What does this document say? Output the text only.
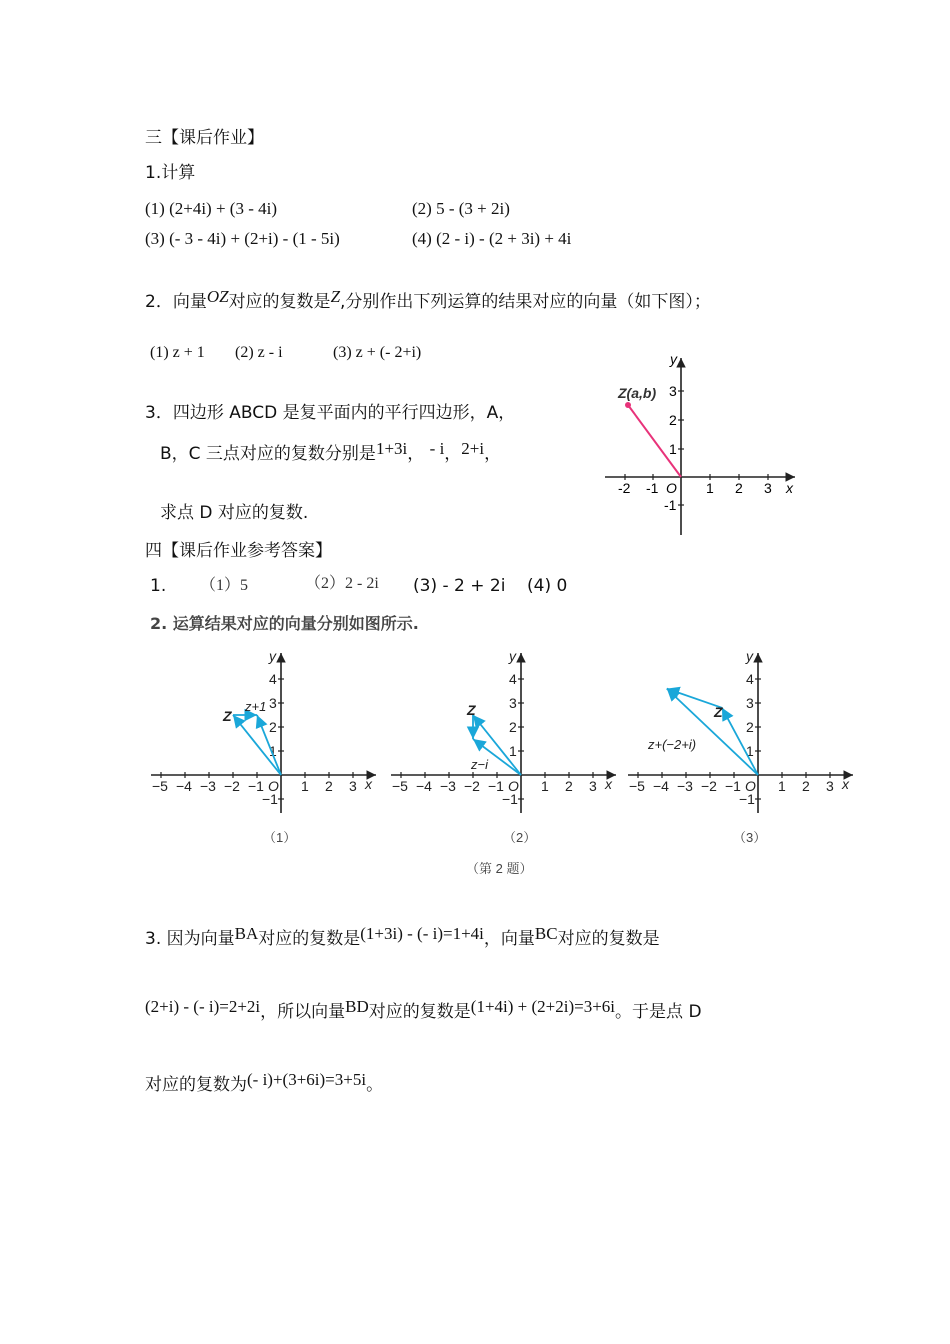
三【课后作业】
1.计算
(1) (2+4i) + (3 - 4i)	(2) 5 - (3 + 2i)
(3) (- 3 - 4i) + (2+i) - (1 - 5i)	(4) (2 - i) - (2 + 3i) + 4i
2．向量OZ对应的复数是Z,分别作出下列运算的结果对应的向量（如下图）；
(1) z + 1 (2) z - i	(3) z + (- 2+i)
3．四边形 ABCD 是复平面内的平行四边形，A，
B，C 三点对应的复数分别是1+3i， - i，2+i，
求点 D 对应的复数.
-2 -1 O 1 2 3 x
3
2
1
-1
y
Z(a,b)
四【课后作业参考答案】
1. （1）5	（2）2 - 2i (3) - 2 + 2i (4) 0
2. 运算结果对应的向量分别如图所示.
−5 −4 −3 −2 −1 O 1 2 3 x
4
3
2
1
−1
y
−5 −4 −3 −2 −1 O 1 2 3 x
4
3
2
1
−1
y
−5 −4 −3 −2 −1 O 1 2 3 x
4
3
2
1
−1
y
Z
z+1	Z
z−i
Z
z+(−2+i)
（1）	（2）	（3）
（第 2 题）
3. 因为向量BA对应的复数是(1+3i) - (- i)=1+4i，向量BC对应的复数是
(2+i) - (- i)=2+2i，所以向量BD对应的复数是(1+4i) + (2+2i)=3+6i。于是点 D
对应的复数为(- i)+(3+6i)=3+5i。
